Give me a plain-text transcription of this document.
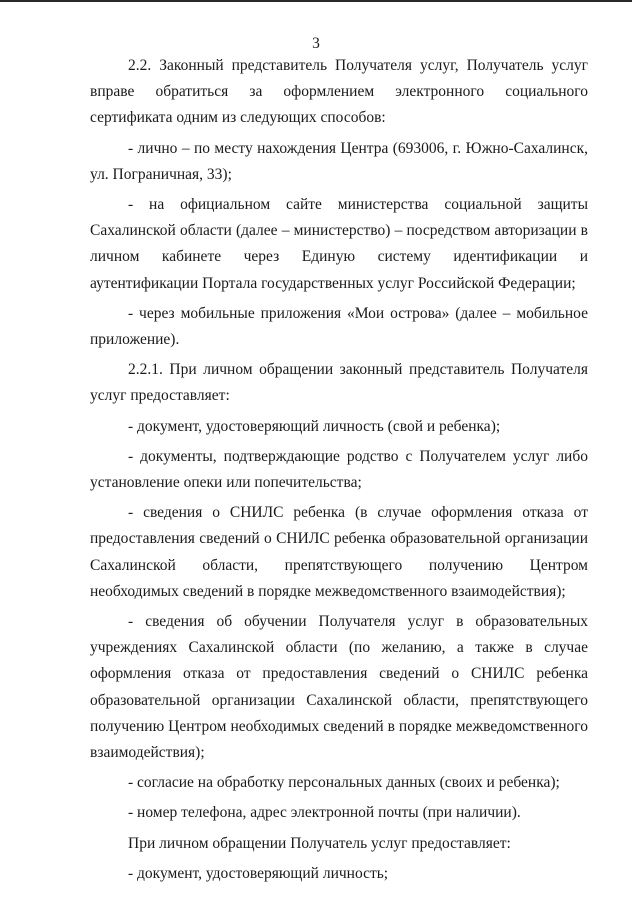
3

2.2. Законный представитель Получателя услуг, Получатель услуг вправе обратиться за оформлением электронного социального сертификата одним из следующих способов:

- лично – по месту нахождения Центра (693006, г. Южно-Сахалинск, ул. Пограничная, 33);

- на официальном сайте министерства социальной защиты Сахалинской области (далее – министерство) – посредством авторизации в личном кабинете через Единую систему идентификации и аутентификации Портала государственных услуг Российской Федерации;

- через мобильные приложения «Мои острова» (далее – мобильное приложение).

2.2.1. При личном обращении законный представитель Получателя услуг предоставляет:

- документ, удостоверяющий личность (свой и ребенка);

- документы, подтверждающие родство с Получателем услуг либо установление опеки или попечительства;

- сведения о СНИЛС ребенка (в случае оформления отказа от предоставления сведений о СНИЛС ребенка образовательной организации Сахалинской области, препятствующего получению Центром необходимых сведений в порядке межведомственного взаимодействия);

- сведения об обучении Получателя услуг в образовательных учреждениях Сахалинской области (по желанию, а также в случае оформления отказа от предоставления сведений о СНИЛС ребенка образовательной организации Сахалинской области, препятствующего получению Центром необходимых сведений в порядке межведомственного взаимодействия);

- согласие на обработку персональных данных (своих и ребенка);

- номер телефона, адрес электронной почты (при наличии).

При личном обращении Получатель услуг предоставляет:

- документ, удостоверяющий личность;
